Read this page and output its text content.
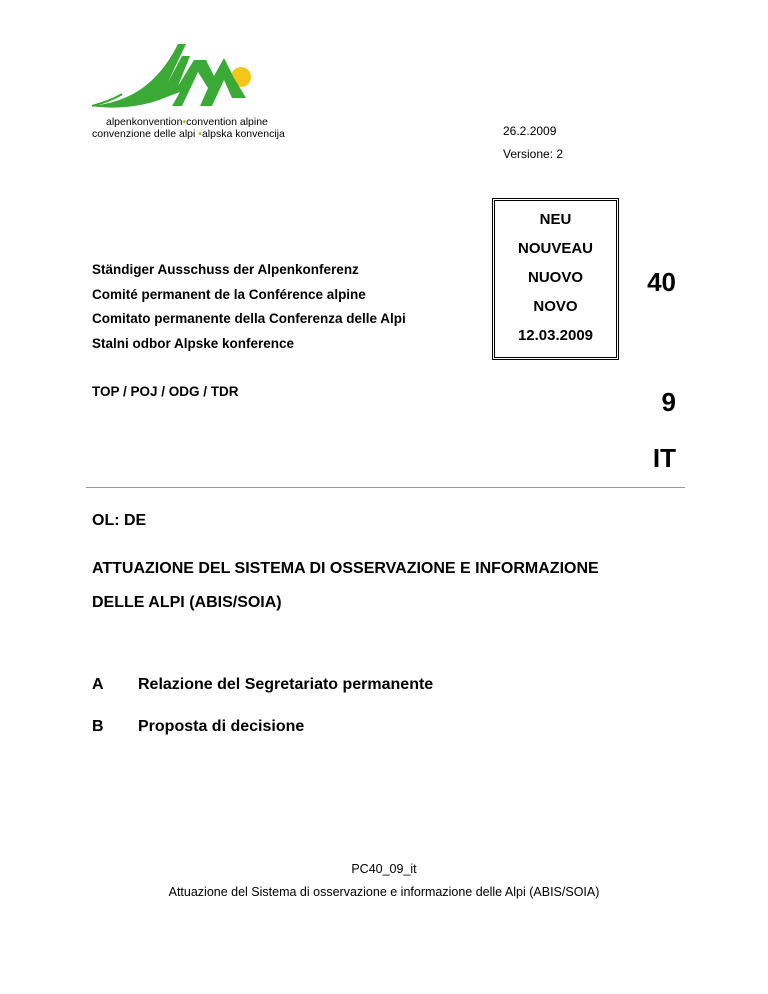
alpenkonvention•convention alpine
convenzione delle alpi •alpska konvencija	26.2.2009
Versione: 2
NEU
NOUVEAU
NUOVO
NOVO
12.03.2009
Ständiger Ausschuss der Alpenkonferenz
Comité permanent de la Conférence alpine
Comitato permanente della Conferenza delle Alpi
Stalni odbor Alpske konference
40
TOP / POJ / ODG / TDR	9
IT
OL: DE
ATTUAZIONE DEL SISTEMA DI OSSERVAZIONE E INFORMAZIONE
DELLE ALPI (ABIS/SOIA)
A Relazione del Segretariato permanente
B Proposta di decisione
PC40_09_it
Attuazione del Sistema di osservazione e informazione delle Alpi (ABIS/SOIA)
